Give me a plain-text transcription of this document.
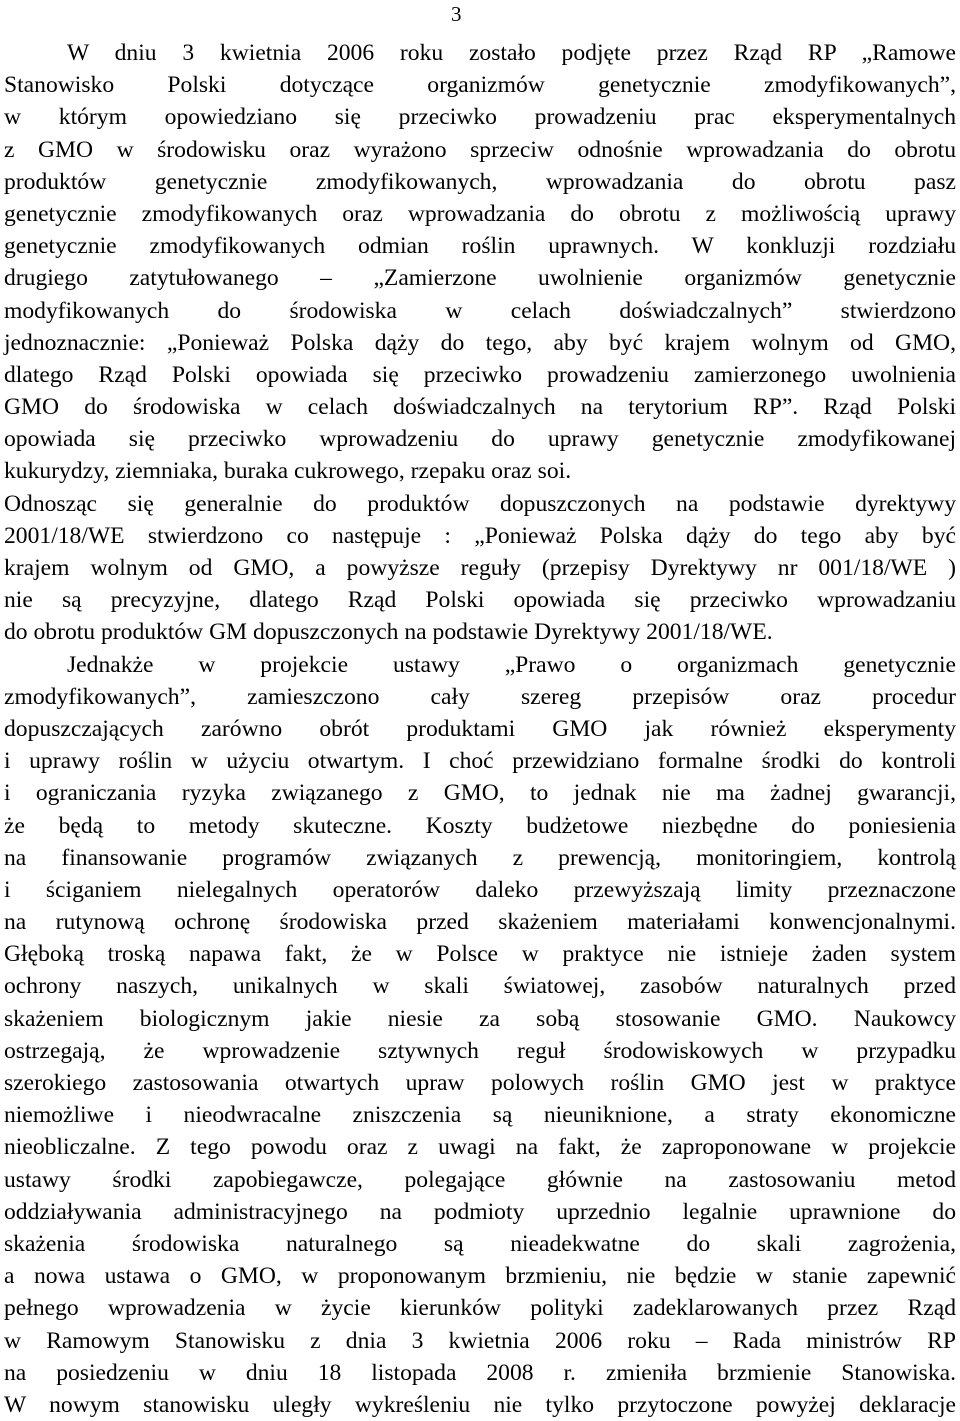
3
W dniu 3 kwietnia 2006 roku zostało podjęte przez Rząd RP „Ramowe
Stanowisko Polski dotyczące organizmów genetycznie zmodyfikowanych”,
w którym opowiedziano się przeciwko prowadzeniu prac eksperymentalnych
z GMO w środowisku oraz wyrażono sprzeciw odnośnie wprowadzania do obrotu
produktów genetycznie zmodyfikowanych, wprowadzania do obrotu pasz
genetycznie zmodyfikowanych oraz wprowadzania do obrotu z możliwością uprawy
genetycznie zmodyfikowanych odmian roślin uprawnych. W konkluzji rozdziału
drugiego zatytułowanego – „Zamierzone uwolnienie organizmów genetycznie
modyfikowanych do środowiska w celach doświadczalnych” stwierdzono
jednoznacznie: „Ponieważ Polska dąży do tego, aby być krajem wolnym od GMO,
dlatego Rząd Polski opowiada się przeciwko prowadzeniu zamierzonego uwolnienia
GMO do środowiska w celach doświadczalnych na terytorium RP”. Rząd Polski
opowiada się przeciwko wprowadzeniu do uprawy genetycznie zmodyfikowanej
kukurydzy, ziemniaka, buraka cukrowego, rzepaku oraz soi.
Odnosząc się generalnie do produktów dopuszczonych na podstawie dyrektywy
2001/18/WE stwierdzono co następuje : „Ponieważ Polska dąży do tego aby być
krajem wolnym od GMO, a powyższe reguły (przepisy Dyrektywy nr 001/18/WE )
nie są precyzyjne, dlatego Rząd Polski opowiada się przeciwko wprowadzaniu
do obrotu produktów GM dopuszczonych na podstawie Dyrektywy 2001/18/WE.
Jednakże w projekcie ustawy „Prawo o organizmach genetycznie
zmodyfikowanych”, zamieszczono cały szereg przepisów oraz procedur
dopuszczających zarówno obrót produktami GMO jak również eksperymenty
i uprawy roślin w użyciu otwartym. I choć przewidziano formalne środki do kontroli
i ograniczania ryzyka związanego z GMO, to jednak nie ma żadnej gwarancji,
że będą to metody skuteczne. Koszty budżetowe niezbędne do poniesienia
na finansowanie programów związanych z prewencją, monitoringiem, kontrolą
i ściganiem nielegalnych operatorów daleko przewyższają limity przeznaczone
na rutynową ochronę środowiska przed skażeniem materiałami konwencjonalnymi.
Głęboką troską napawa fakt, że w Polsce w praktyce nie istnieje żaden system
ochrony naszych, unikalnych w skali światowej, zasobów naturalnych przed
skażeniem biologicznym jakie niesie za sobą stosowanie GMO. Naukowcy
ostrzegają, że wprowadzenie sztywnych reguł środowiskowych w przypadku
szerokiego zastosowania otwartych upraw polowych roślin GMO jest w praktyce
niemożliwe i nieodwracalne zniszczenia są nieuniknione, a straty ekonomiczne
nieobliczalne. Z tego powodu oraz z uwagi na fakt, że zaproponowane w projekcie
ustawy środki zapobiegawcze, polegające głównie na zastosowaniu metod
oddziaływania administracyjnego na podmioty uprzednio legalnie uprawnione do
skażenia środowiska naturalnego są nieadekwatne do skali zagrożenia,
a nowa ustawa o GMO, w proponowanym brzmieniu, nie będzie w stanie zapewnić
pełnego wprowadzenia w życie kierunków polityki zadeklarowanych przez Rząd
w Ramowym Stanowisku z dnia 3 kwietnia 2006 roku – Rada ministrów RP
na posiedzeniu w dniu 18 listopada 2008 r. zmieniła brzmienie Stanowiska.
W nowym stanowisku uległy wykreśleniu nie tylko przytoczone powyżej deklaracje
